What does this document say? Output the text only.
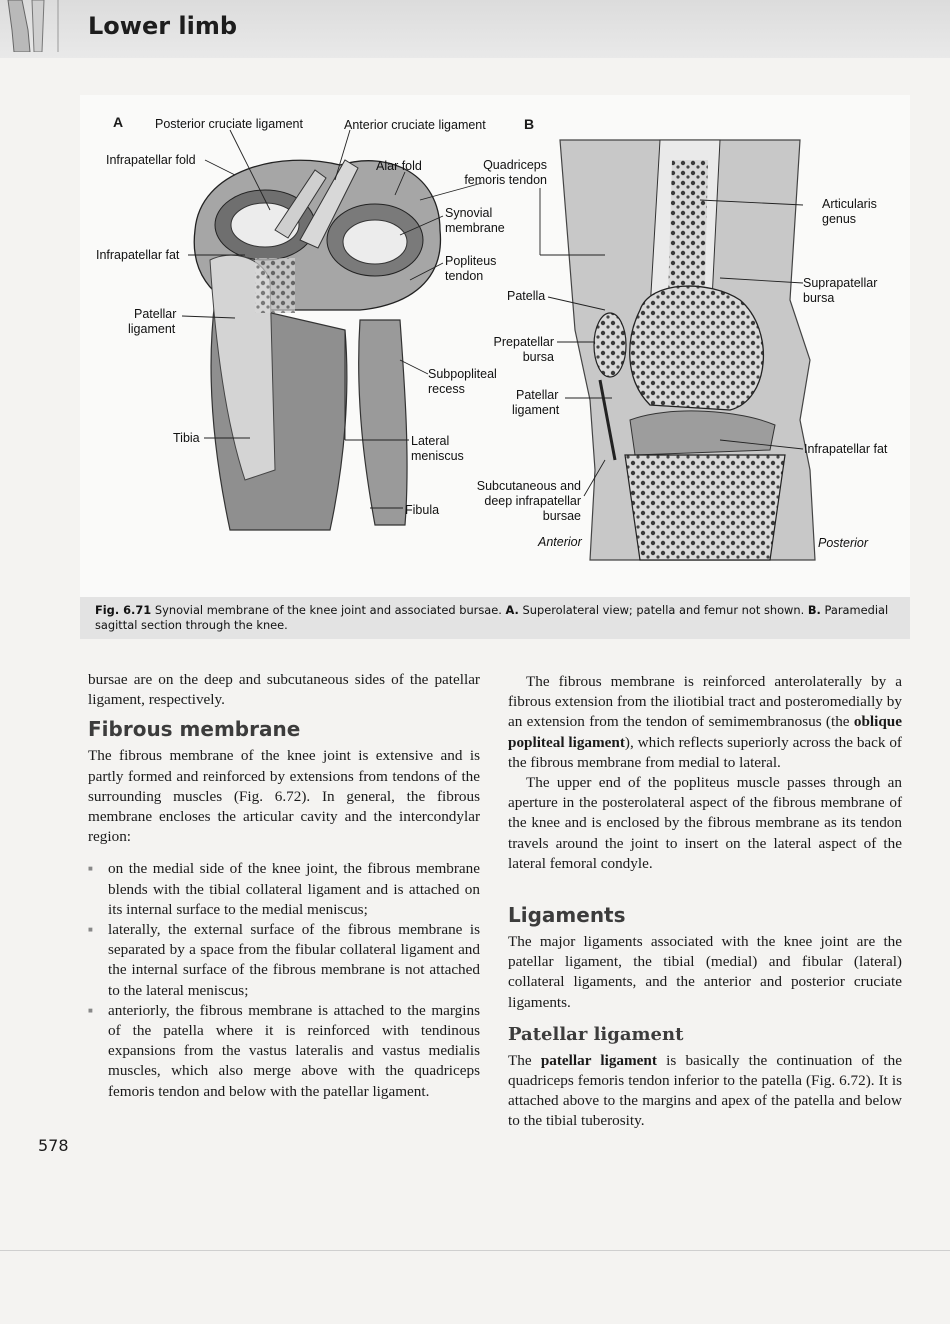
Lower limb
A	Posterior cruciate ligament	Anterior cruciate ligament
Infrapatellar fold	Alar fold	Quadriceps
femoris tendon
Synovial
membrane
Infrapatellar fat	Popliteus
tendon
Patellar
ligament
Subpopliteal
recess
Tibia	Lateral
meniscus
Fibula
B
Articularis
genus
Suprapatellar
bursa
Patella
Prepatellar
bursa
Patellar
ligament
Infrapatellar fat
Subcutaneous and
deep infrapatellar
bursae
Anterior	Posterior
Fig. 6.71 Synovial membrane of the knee joint and associated bursae. A. Superolateral view; patella and femur not shown. B. Paramedial sagittal section through the knee.

bursae are on the deep and subcutaneous sides of the patellar ligament, respectively.

Fibrous membrane

The fibrous membrane of the knee joint is extensive and is partly formed and reinforced by extensions from tendons of the surrounding muscles (Fig. 6.72). In general, the fibrous membrane encloses the articular cavity and the intercondylar region:

■ on the medial side of the knee joint, the fibrous membrane blends with the tibial collateral ligament and is attached on its internal surface to the medial meniscus;
■ laterally, the external surface of the fibrous membrane is separated by a space from the fibular collateral ligament and the internal surface of the fibrous membrane is not attached to the lateral meniscus;
■ anteriorly, the fibrous membrane is attached to the margins of the patella where it is reinforced with tendinous expansions from the vastus lateralis and vastus medialis muscles, which also merge above with the quadriceps femoris tendon and below with the patellar ligament.

The fibrous membrane is reinforced anterolaterally by a fibrous extension from the iliotibial tract and posteromedially by an extension from the tendon of semimembranosus (the oblique popliteal ligament), which reflects superiorly across the back of the fibrous membrane from medial to lateral.

The upper end of the popliteus muscle passes through an aperture in the posterolateral aspect of the fibrous membrane of the knee and is enclosed by the fibrous membrane as its tendon travels around the joint to insert on the lateral aspect of the lateral femoral condyle.

Ligaments

The major ligaments associated with the knee joint are the patellar ligament, the tibial (medial) and fibular (lateral) collateral ligaments, and the anterior and posterior cruciate ligaments.

Patellar ligament

The patellar ligament is basically the continuation of the quadriceps femoris tendon inferior to the patella (Fig. 6.72). It is attached above to the margins and apex of the patella and below to the tibial tuberosity.

578
